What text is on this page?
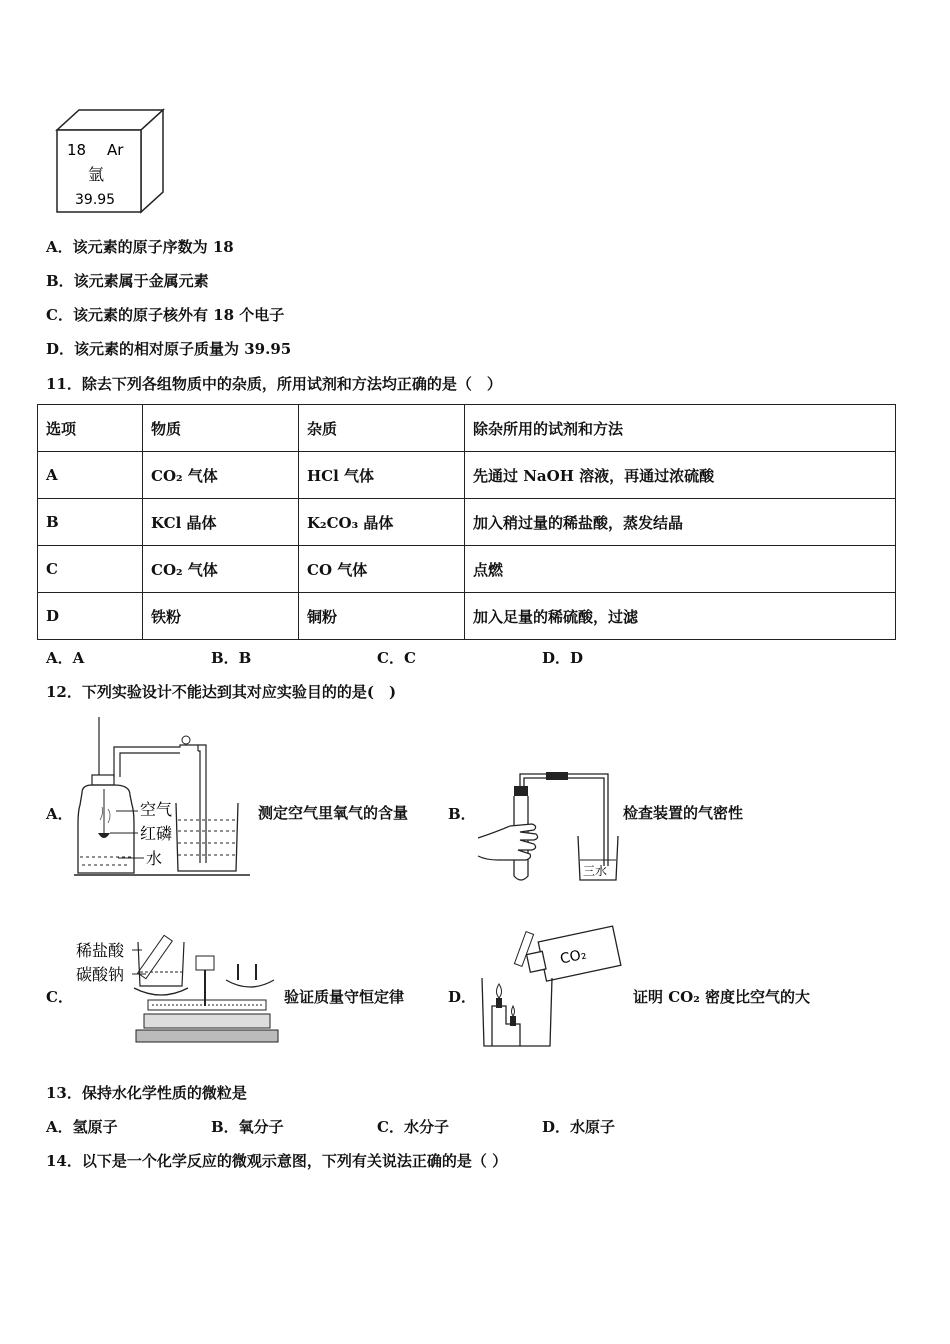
18 Ar
氩
39.95
A．该元素的原子序数为 18
B．该元素属于金属元素
C．该元素的原子核外有 18 个电子
D．该元素的相对原子质量为 39.95
11．除去下列各组物质中的杂质，所用试剂和方法均正确的是（　）
选项	物质	杂质	除杂所用的试剂和方法
A	CO₂ 气体	HCl 气体	先通过 NaOH 溶液，再通过浓硫酸
B	KCl 晶体	K₂CO₃ 晶体	加入稍过量的稀盐酸，蒸发结晶
C	CO₂ 气体	CO 气体	点燃
D	铁粉	铜粉	加入足量的稀硫酸，过滤
A．A	B．B	C．C	D．D
12．下列实验设计不能达到其对应实验目的的是(　)
A．	空气
红磷
水
测定空气里氧气的含量	B．
三水
检查装置的气密性
C．
稀盐酸
碳酸钠
验证质量守恒定律	D．
CO₂
证明 CO₂ 密度比空气的大
13．保持水化学性质的微粒是
A．氢原子	B．氧分子	C．水分子	D．水原子
14．以下是一个化学反应的微观示意图，下列有关说法正确的是（ ）
